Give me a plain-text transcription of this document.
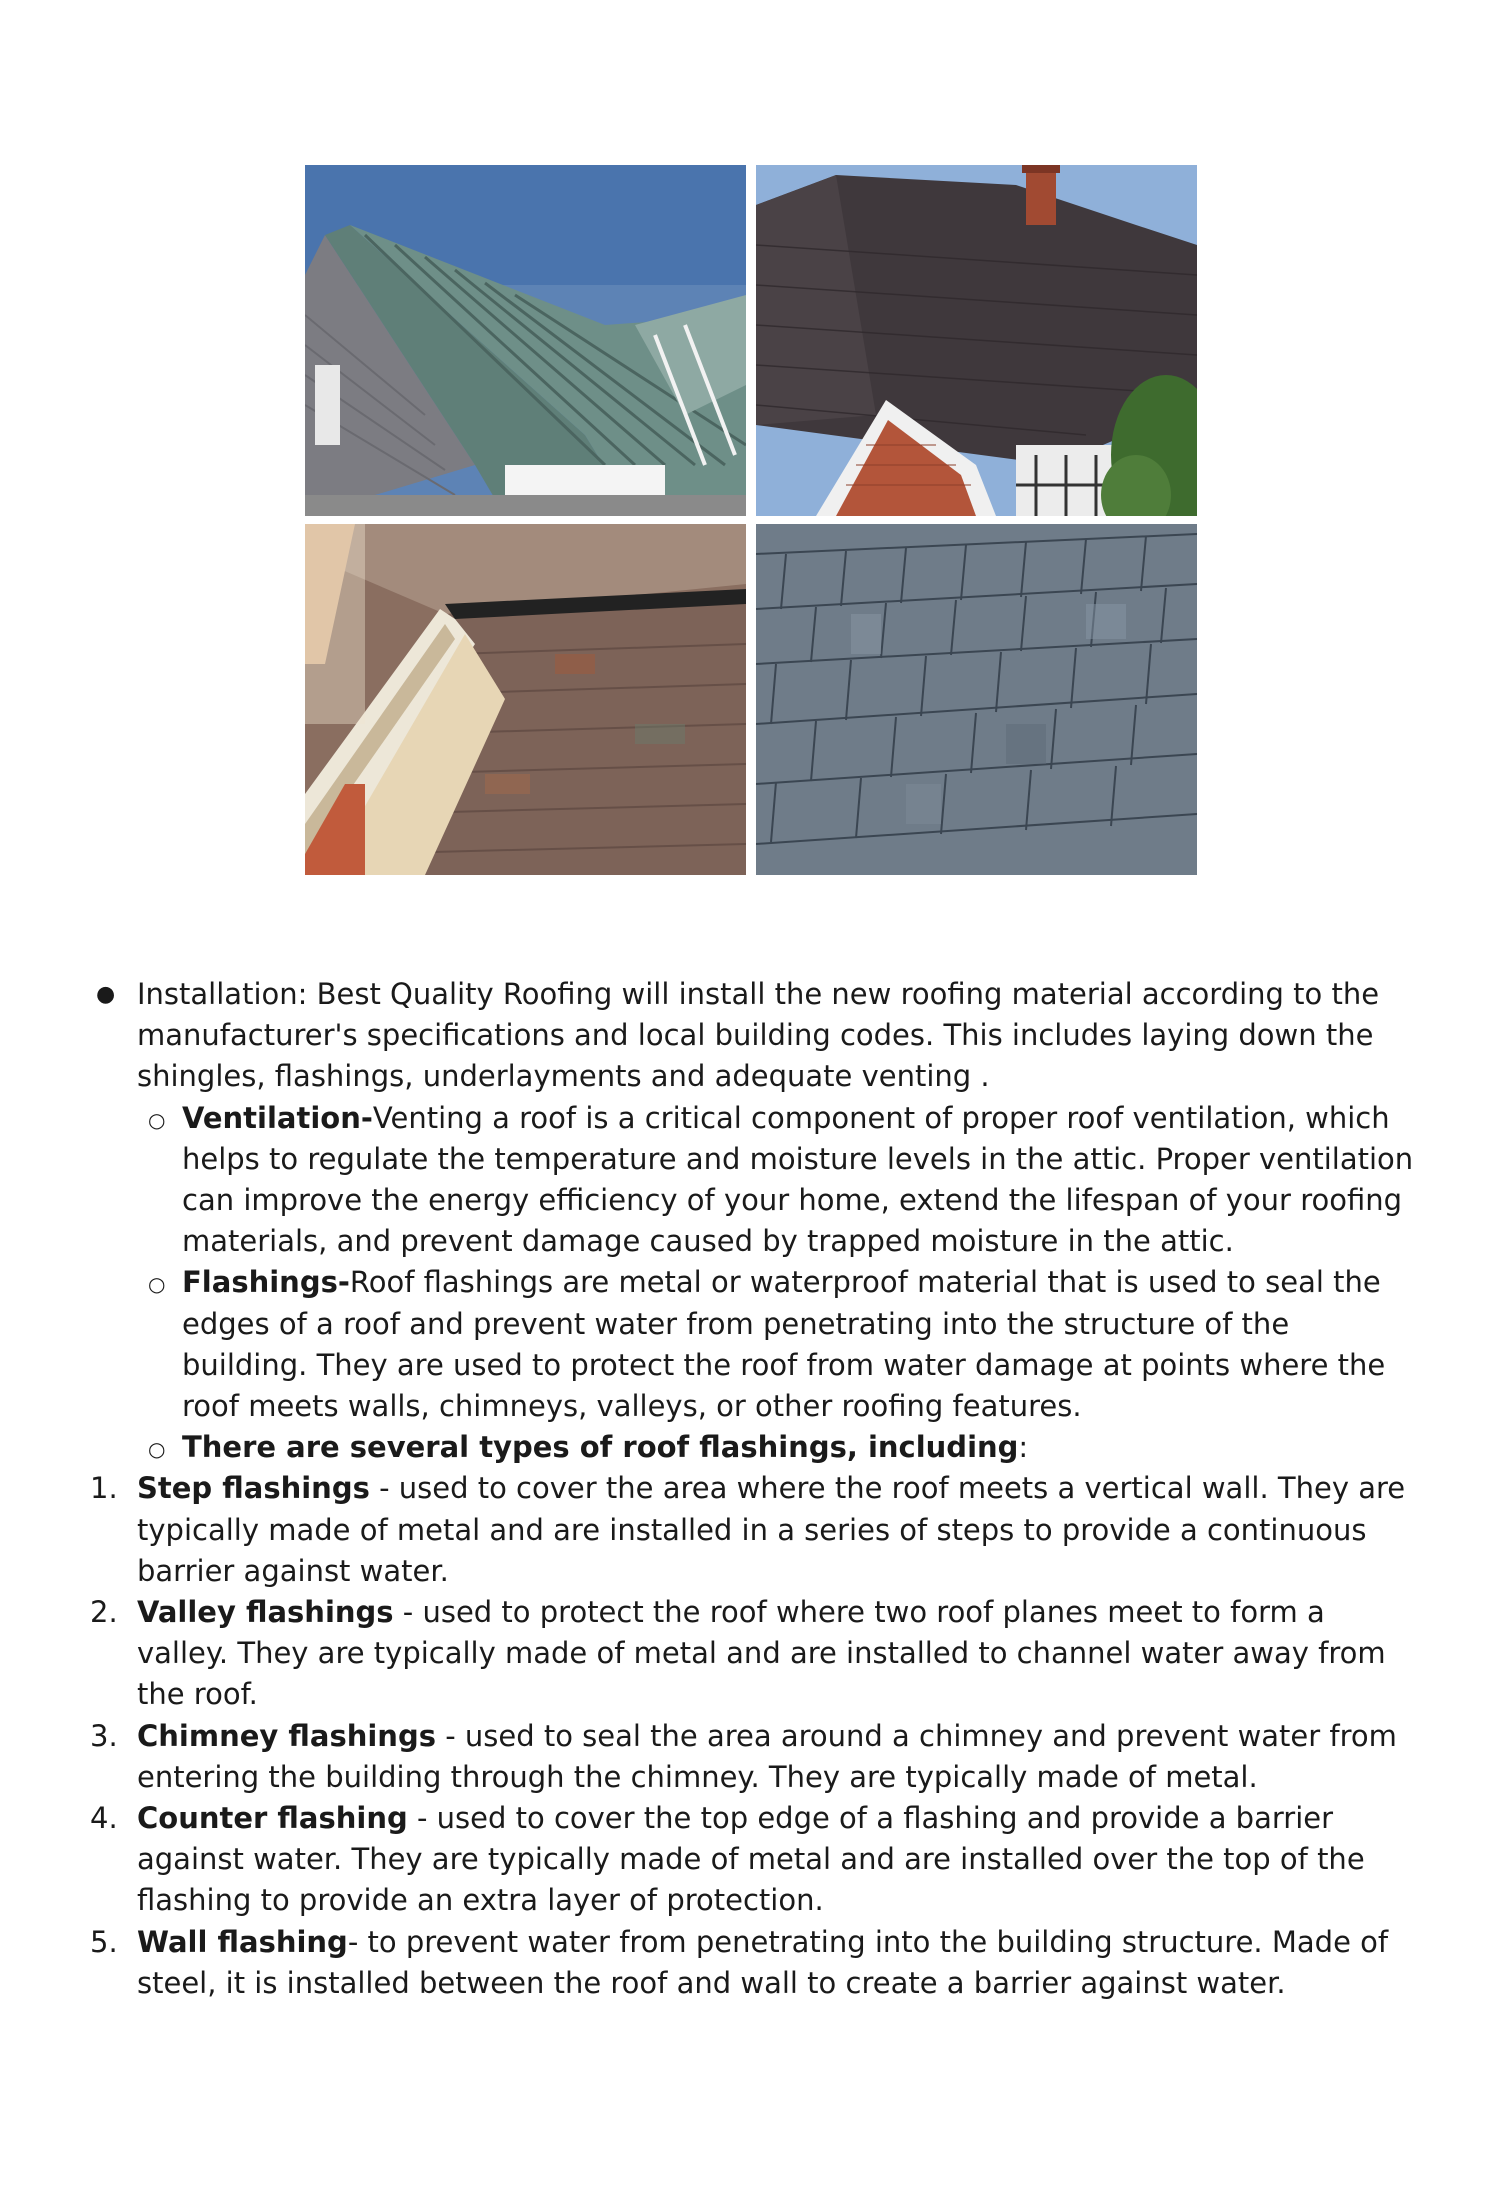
● Installation: Best Quality Roofing will install the new roofing material according to the manufacturer's specifications and local building codes. This includes laying down the shingles, flashings, underlayments and adequate venting .
○ Ventilation-Venting a roof is a critical component of proper roof ventilation, which helps to regulate the temperature and moisture levels in the attic. Proper ventilation can improve the energy efficiency of your home, extend the lifespan of your roofing materials, and prevent damage caused by trapped moisture in the attic.
○ Flashings-Roof flashings are metal or waterproof material that is used to seal the edges of a roof and prevent water from penetrating into the structure of the building. They are used to protect the roof from water damage at points where the roof meets walls, chimneys, valleys, or other roofing features.
○ There are several types of roof flashings, including:
1. Step flashings - used to cover the area where the roof meets a vertical wall. They are typically made of metal and are installed in a series of steps to provide a continuous barrier against water.
2. Valley flashings - used to protect the roof where two roof planes meet to form a valley. They are typically made of metal and are installed to channel water away from the roof.
3. Chimney flashings - used to seal the area around a chimney and prevent water from entering the building through the chimney. They are typically made of metal.
4. Counter flashing - used to cover the top edge of a flashing and provide a barrier against water. They are typically made of metal and are installed over the top of the flashing to provide an extra layer of protection.
5. Wall flashing- to prevent water from penetrating into the building structure. Made of steel, it is installed between the roof and wall to create a barrier against water.
